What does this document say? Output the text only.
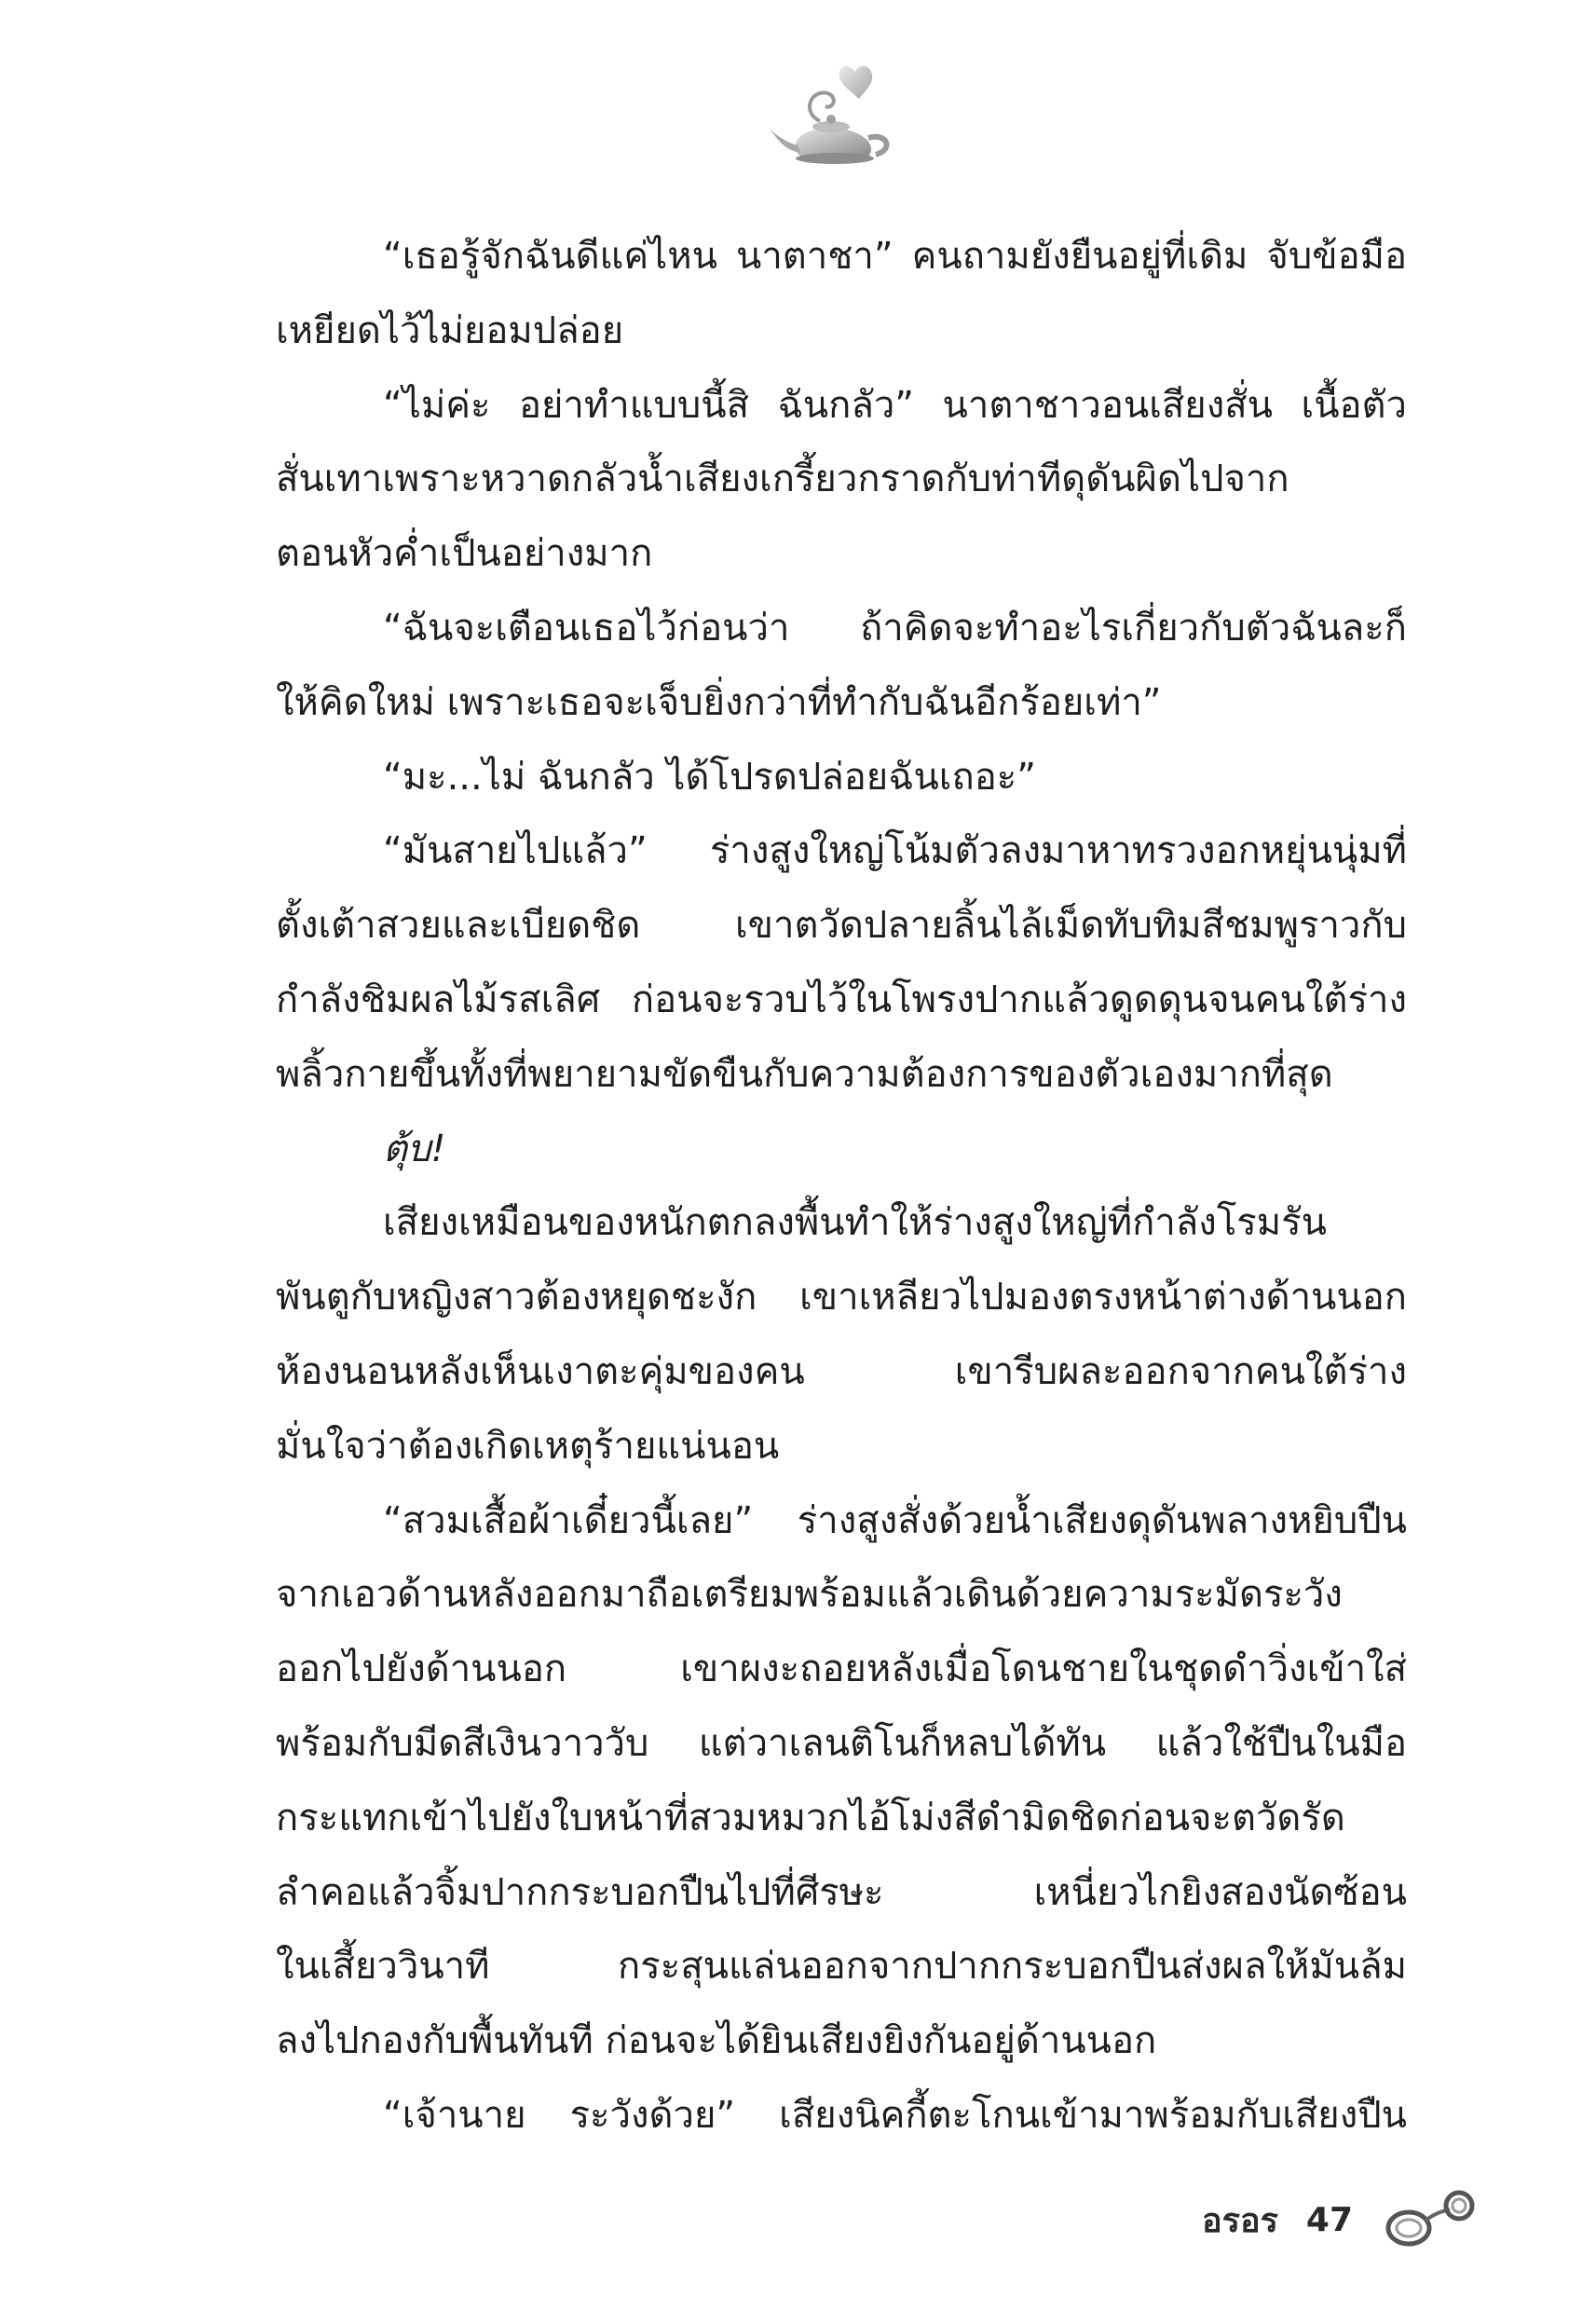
“เธอรู้จักฉันดีแค่ไหน นาตาชา” คนถามยังยืนอยู่ที่เดิม จับข้อมือ
เหยียดไว้ไม่ยอมปล่อย
“ไม่ค่ะ อย่าทำแบบนี้สิ ฉันกลัว” นาตาชาวอนเสียงสั่น เนื้อตัว
สั่นเทาเพราะหวาดกลัวน้ำเสียงเกรี้ยวกราดกับท่าทีดุดันผิดไปจาก
ตอนหัวค่ำเป็นอย่างมาก
“ฉันจะเตือนเธอไว้ก่อนว่า ถ้าคิดจะทำอะไรเกี่ยวกับตัวฉันละก็
ให้คิดใหม่ เพราะเธอจะเจ็บยิ่งกว่าที่ทำกับฉันอีกร้อยเท่า”
“มะ...ไม่ ฉันกลัว ได้โปรดปล่อยฉันเถอะ”
“มันสายไปแล้ว” ร่างสูงใหญ่โน้มตัวลงมาหาทรวงอกหยุ่นนุ่มที่
ตั้งเต้าสวยและเบียดชิด เขาตวัดปลายลิ้นไล้เม็ดทับทิมสีชมพูราวกับ
กำลังชิมผลไม้รสเลิศ ก่อนจะรวบไว้ในโพรงปากแล้วดูดดุนจนคนใต้ร่าง
พลิ้วกายขึ้นทั้งที่พยายามขัดขืนกับความต้องการของตัวเองมากที่สุด
ตุ้บ!
เสียงเหมือนของหนักตกลงพื้นทำให้ร่างสูงใหญ่ที่กำลังโรมรัน
พันตูกับหญิงสาวต้องหยุดชะงัก เขาเหลียวไปมองตรงหน้าต่างด้านนอก
ห้องนอนหลังเห็นเงาตะคุ่มของคน เขารีบผละออกจากคนใต้ร่าง
มั่นใจว่าต้องเกิดเหตุร้ายแน่นอน
“สวมเสื้อผ้าเดี๋ยวนี้เลย” ร่างสูงสั่งด้วยน้ำเสียงดุดันพลางหยิบปืน
จากเอวด้านหลังออกมาถือเตรียมพร้อมแล้วเดินด้วยความระมัดระวัง
ออกไปยังด้านนอก เขาผงะถอยหลังเมื่อโดนชายในชุดดำวิ่งเข้าใส่
พร้อมกับมีดสีเงินวาววับ แต่วาเลนติโนก็หลบได้ทัน แล้วใช้ปืนในมือ
กระแทกเข้าไปยังใบหน้าที่สวมหมวกไอ้โม่งสีดำมิดชิดก่อนจะตวัดรัด
ลำคอแล้วจิ้มปากกระบอกปืนไปที่ศีรษะ เหนี่ยวไกยิงสองนัดซ้อน
ในเสี้ยววินาที กระสุนแล่นออกจากปากกระบอกปืนส่งผลให้มันล้ม
ลงไปกองกับพื้นทันที ก่อนจะได้ยินเสียงยิงกันอยู่ด้านนอก
“เจ้านาย ระวังด้วย” เสียงนิคกี้ตะโกนเข้ามาพร้อมกับเสียงปืน
อรอร 47
